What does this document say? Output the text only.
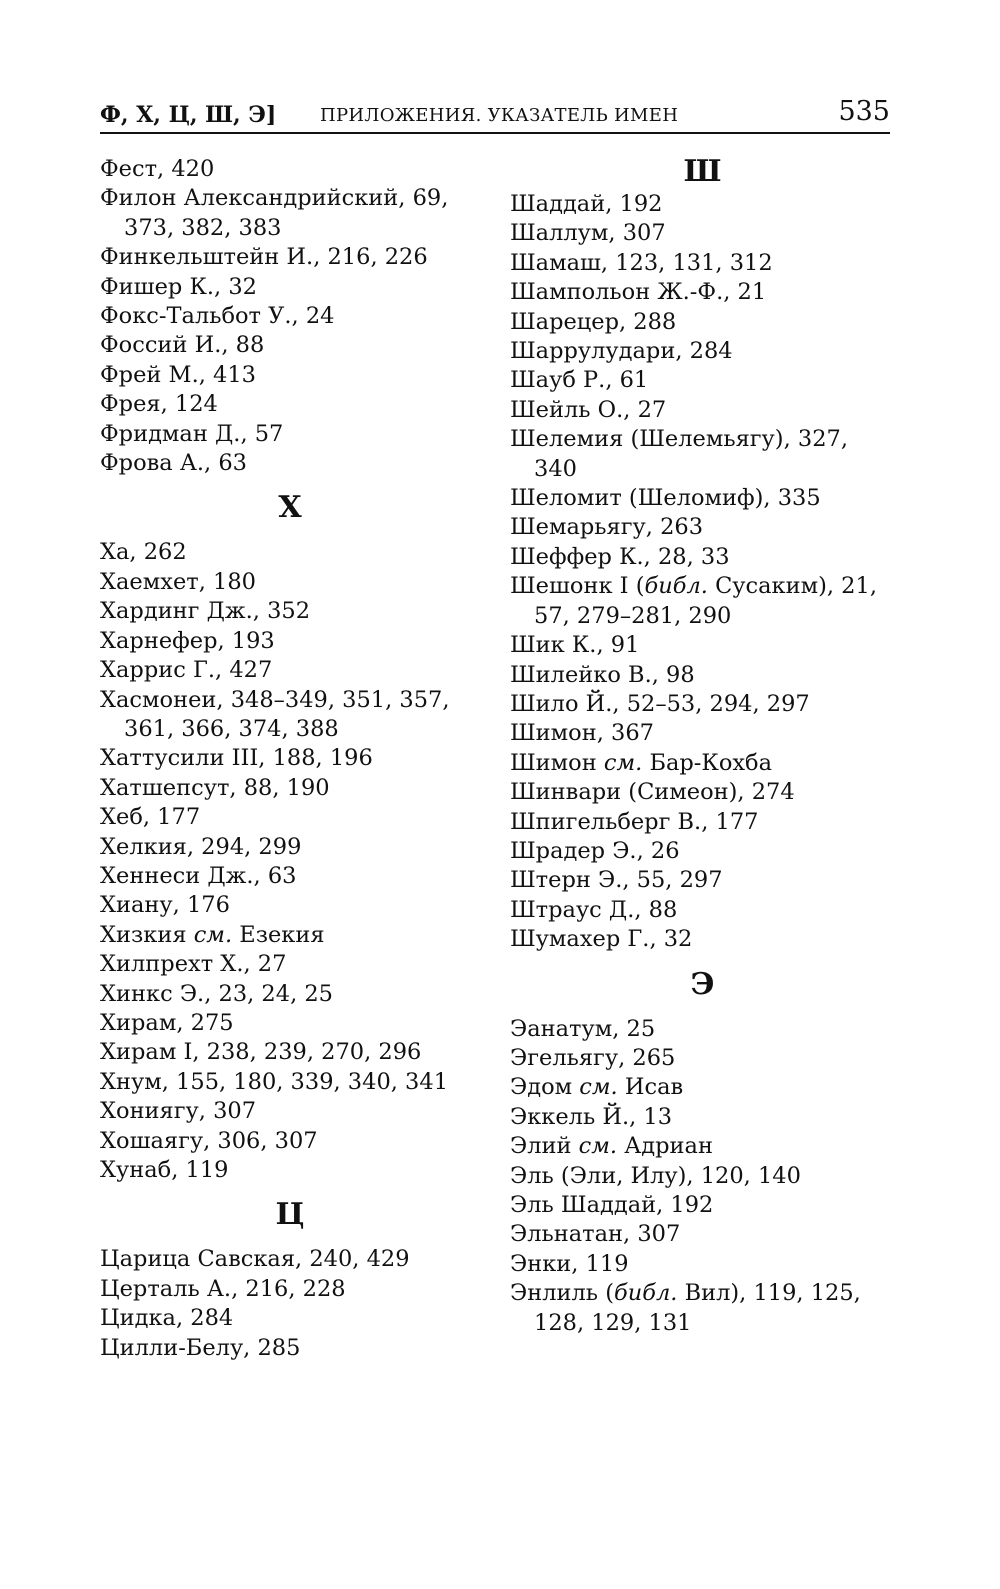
Ф, Х, Ц, Ш, Э] ПРИЛОЖЕНИЯ. УКАЗАТЕЛЬ ИМЕН	535
Фест, 420
Филон Александрийский, 69,
373, 382, 383
Финкельштейн И., 216, 226
Фишер К., 32
Фокс-Тальбот У., 24
Фоссий И., 88
Фрей М., 413
Фрея, 124
Фридман Д., 57
Фрова А., 63
Х
Ха, 262
Хаемхет, 180
Хардинг Дж., 352
Харнефер, 193
Харрис Г., 427
Хасмонеи, 348–349, 351, 357,
361, 366, 374, 388
Хаттусили III, 188, 196
Хатшепсут, 88, 190
Хеб, 177
Хелкия, 294, 299
Хеннеси Дж., 63
Хиану, 176
Хизкия см. Езекия
Хилпрехт Х., 27
Хинкс Э., 23, 24, 25
Хирам, 275
Хирам I, 238, 239, 270, 296
Хнум, 155, 180, 339, 340, 341
Хониягу, 307
Хошаягу, 306, 307
Хунаб, 119
Ц
Царица Савская, 240, 429
Церталь А., 216, 228
Цидка, 284
Цилли-Белу, 285
Ш
Шаддай, 192
Шаллум, 307
Шамаш, 123, 131, 312
Шампольон Ж.-Ф., 21
Шарецер, 288
Шаррулудари, 284
Шауб Р., 61
Шейль О., 27
Шелемия (Шелемьягу), 327,
340
Шеломит (Шеломиф), 335
Шемарьягу, 263
Шеффер К., 28, 33
Шешонк I (библ. Сусаким), 21,
57, 279–281, 290
Шик К., 91
Шилейко В., 98
Шило Й., 52–53, 294, 297
Шимон, 367
Шимон см. Бар-Кохба
Шинвари (Симеон), 274
Шпигельберг В., 177
Шрадер Э., 26
Штерн Э., 55, 297
Штраус Д., 88
Шумахер Г., 32
Э
Эанатум, 25
Эгельягу, 265
Эдом см. Исав
Эккель Й., 13
Элий см. Адриан
Эль (Эли, Илу), 120, 140
Эль Шаддай, 192
Эльнатан, 307
Энки, 119
Энлиль (библ. Вил), 119, 125,
128, 129, 131
